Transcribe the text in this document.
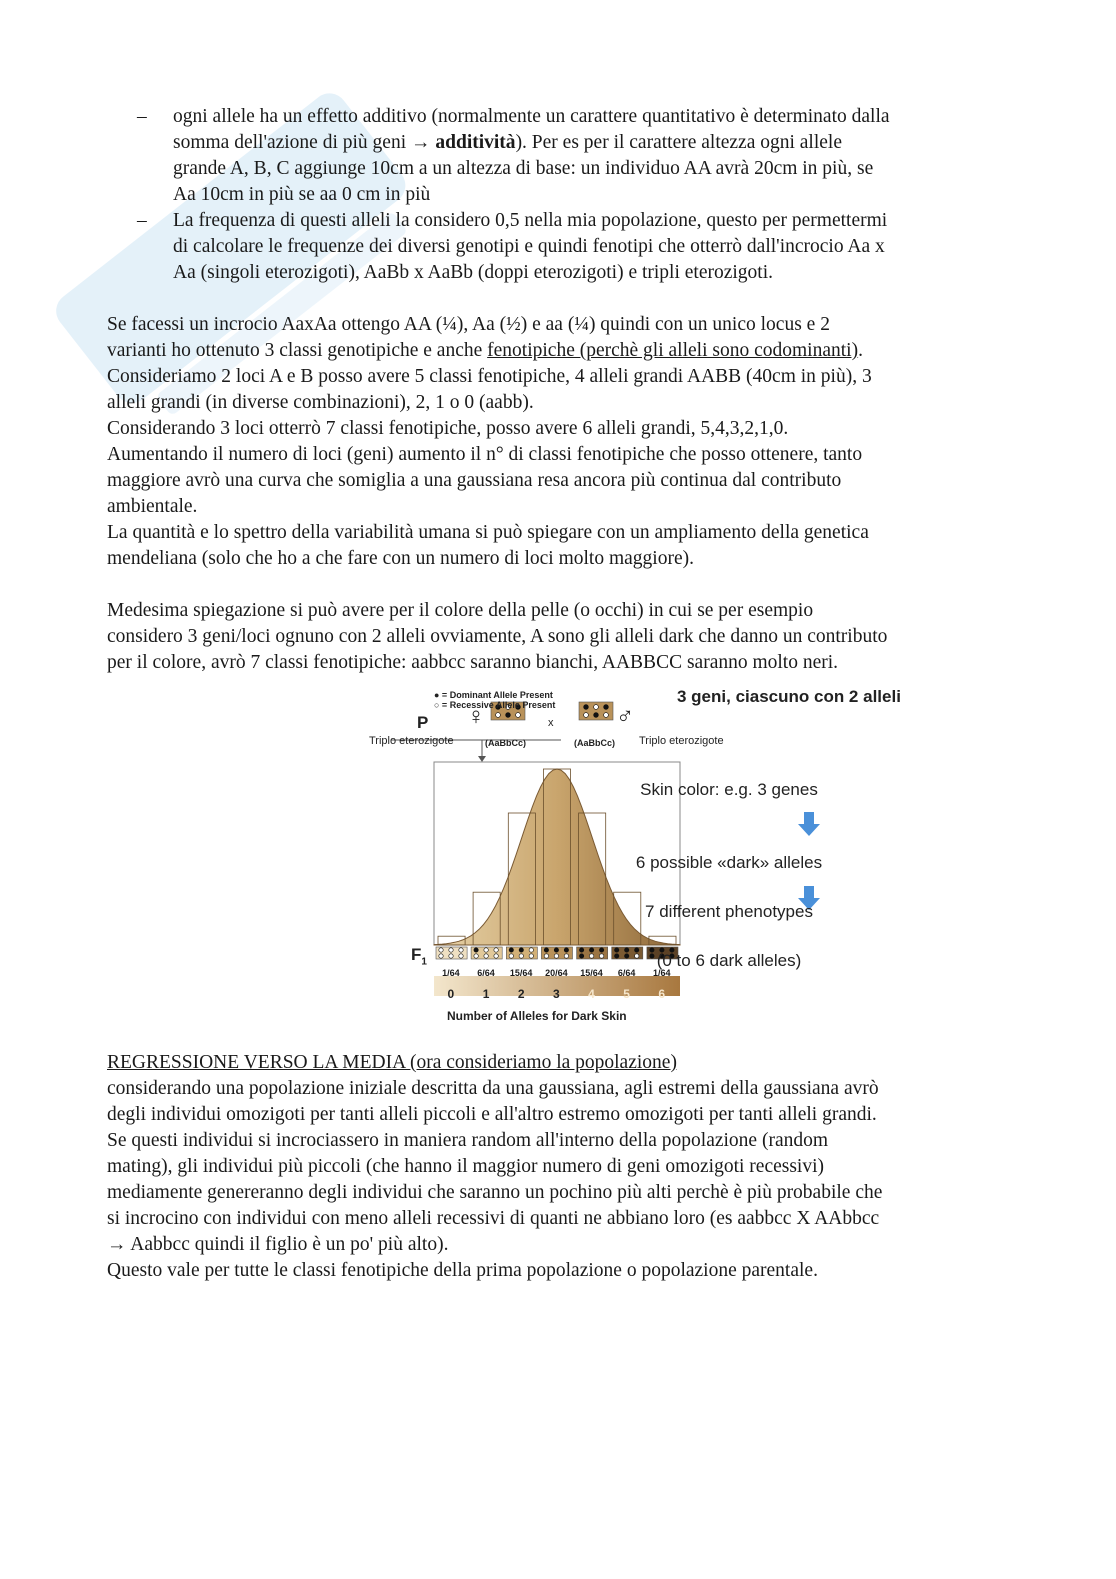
– ogni allele ha un effetto additivo (normalmente un carattere quantitativo è determinato dalla
somma dell'azione di più geni → additività). Per es per il carattere altezza ogni allele
grande A, B, C aggiunge 10cm a un altezza di base: un individuo AA avrà 20cm in più, se
Aa 10cm in più se aa 0 cm in più
– La frequenza di questi alleli la considero 0,5 nella mia popolazione, questo per permettermi
di calcolare le frequenze dei diversi genotipi e quindi fenotipi che otterrò dall'incrocio Aa x
Aa (singoli eterozigoti), AaBb x AaBb (doppi eterozigoti) e tripli eterozigoti.
Se facessi un incrocio AaxAa ottengo AA (¼), Aa (½) e aa (¼) quindi con un unico locus e 2
varianti ho ottenuto 3 classi genotipiche e anche fenotipiche (perchè gli alleli sono codominanti).
Consideriamo 2 loci A e B posso avere 5 classi fenotipiche, 4 alleli grandi AABB (40cm in più), 3
alleli grandi (in diverse combinazioni), 2, 1 o 0 (aabb).
Considerando 3 loci otterrò 7 classi fenotipiche, posso avere 6 alleli grandi, 5,4,3,2,1,0.
Aumentando il numero di loci (geni) aumento il n° di classi fenotipiche che posso ottenere, tanto
maggiore avrò una curva che somiglia a una gaussiana resa ancora più continua dal contributo
ambientale.
La quantità e lo spettro della variabilità umana si può spiegare con un ampliamento della genetica
mendeliana (solo che ho a che fare con un numero di loci molto maggiore).
Medesima spiegazione si può avere per il colore della pelle (o occhi) in cui se per esempio
considero 3 geni/loci ognuno con 2 alleli ovviamente, A sono gli alleli dark che danno un contributo
per il colore, avrò 7 classi fenotipiche: aabbcc saranno bianchi, AABBCC saranno molto neri.
● = Dominant Allele Present
○ = Recessive Allele Present	3 geni, ciascuno con 2 alleli
P ♀	x	♂
Triplo eterozigote	(AaBbCc)	(AaBbCc) Triplo eterozigote
$F_1$
Number of Alleles for Dark Skin
1/64	6/64	15/64	20/64	15/64	6/64	1/64
0	1	2	3	4	5	6
Skin color: e.g. 3 genes
6 possible «dark» alleles
7 different phenotypes
(0 to 6 dark alleles)

REGRESSIONE VERSO LA MEDIA (ora consideriamo la popolazione)

considerando una popolazione iniziale descritta da una gaussiana, agli estremi della gaussiana avrò
degli individui omozigoti per tanti alleli piccoli e all'altro estremo omozigoti per tanti alleli grandi.
Se questi individui si incrociassero in maniera random all'interno della popolazione (random
mating), gli individui più piccoli (che hanno il maggior numero di geni omozigoti recessivi)
mediamente genereranno degli individui che saranno un pochino più alti perchè è più probabile che
si incrocino con individui con meno alleli recessivi di quanti ne abbiano loro (es aabbcc X AAbbcc
→ Aabbcc quindi il figlio è un po' più alto).
Questo vale per tutte le classi fenotipiche della prima popolazione o popolazione parentale.
